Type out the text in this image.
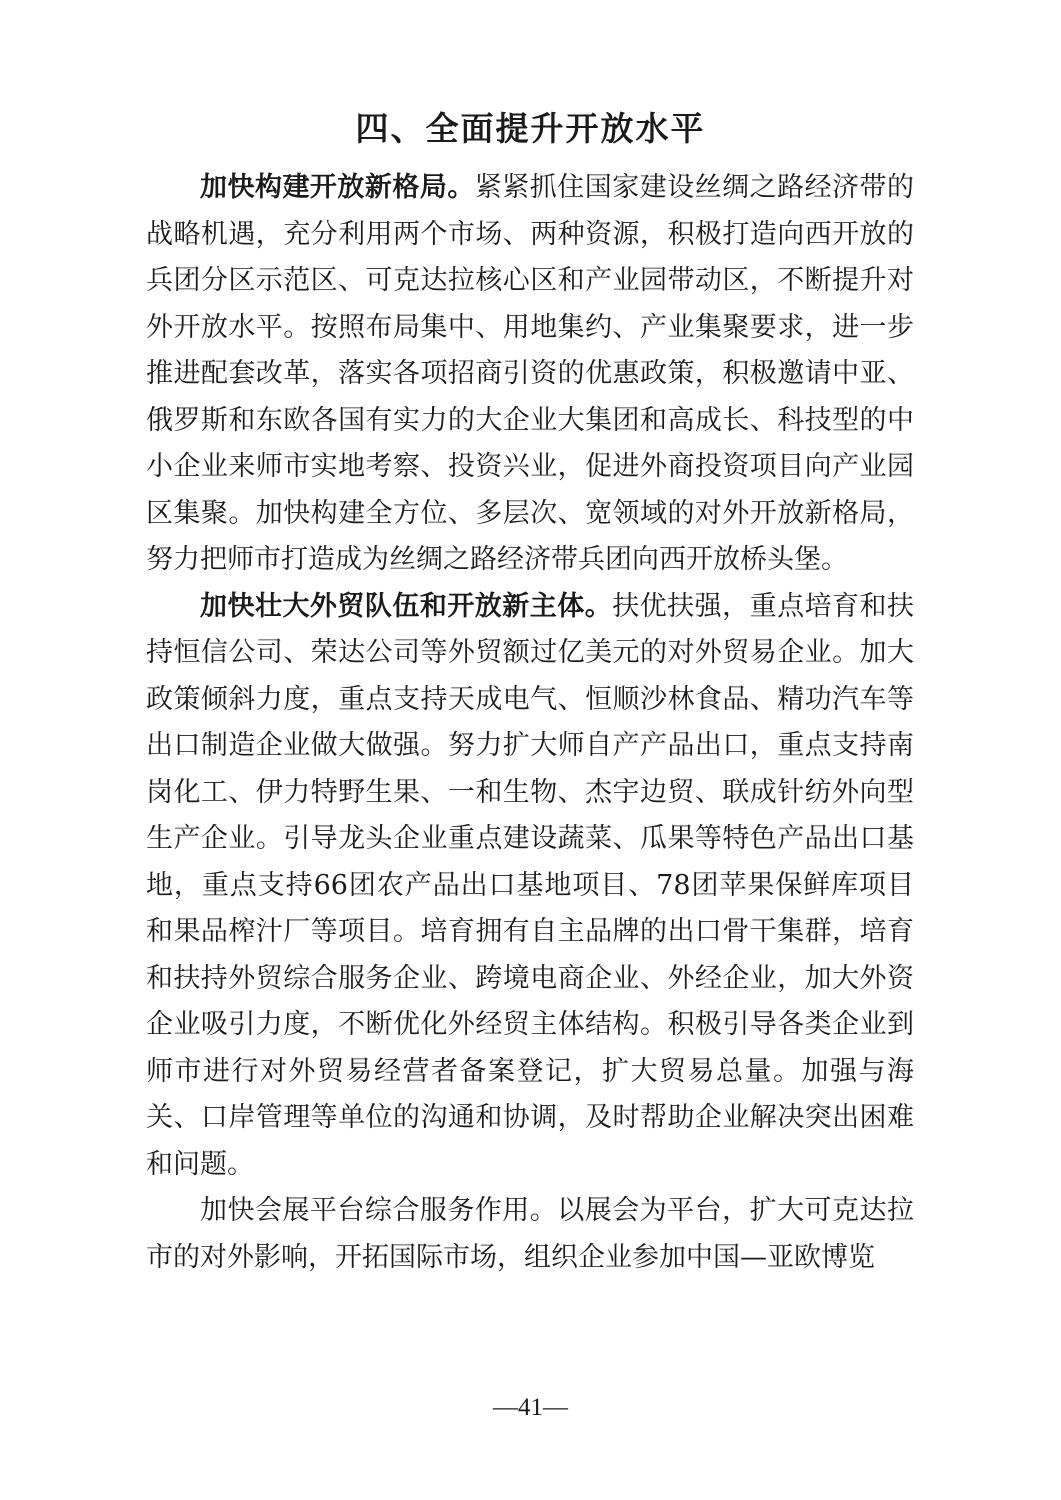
四、全面提升开放水平

加快构建开放新格局。紧紧抓住国家建设丝绸之路经济带的战略机遇，充分利用两个市场、两种资源，积极打造向西开放的兵团分区示范区、可克达拉核心区和产业园带动区，不断提升对外开放水平。按照布局集中、用地集约、产业集聚要求，进一步推进配套改革，落实各项招商引资的优惠政策，积极邀请中亚、俄罗斯和东欧各国有实力的大企业大集团和高成长、科技型的中小企业来师市实地考察、投资兴业，促进外商投资项目向产业园区集聚。加快构建全方位、多层次、宽领域的对外开放新格局，努力把师市打造成为丝绸之路经济带兵团向西开放桥头堡。

加快壮大外贸队伍和开放新主体。扶优扶强，重点培育和扶持恒信公司、荣达公司等外贸额过亿美元的对外贸易企业。加大政策倾斜力度，重点支持天成电气、恒顺沙林食品、精功汽车等出口制造企业做大做强。努力扩大师自产产品出口，重点支持南岗化工、伊力特野生果、一和生物、杰宇边贸、联成针纺外向型生产企业。引导龙头企业重点建设蔬菜、瓜果等特色产品出口基地，重点支持66团农产品出口基地项目、78团苹果保鲜库项目和果品榨汁厂等项目。培育拥有自主品牌的出口骨干集群，培育和扶持外贸综合服务企业、跨境电商企业、外经企业，加大外资企业吸引力度，不断优化外经贸主体结构。积极引导各类企业到师市进行对外贸易经营者备案登记，扩大贸易总量。加强与海关、口岸管理等单位的沟通和协调，及时帮助企业解决突出困难和问题。

加快会展平台综合服务作用。以展会为平台，扩大可克达拉市的对外影响，开拓国际市场，组织企业参加中国—亚欧博览

—41—
